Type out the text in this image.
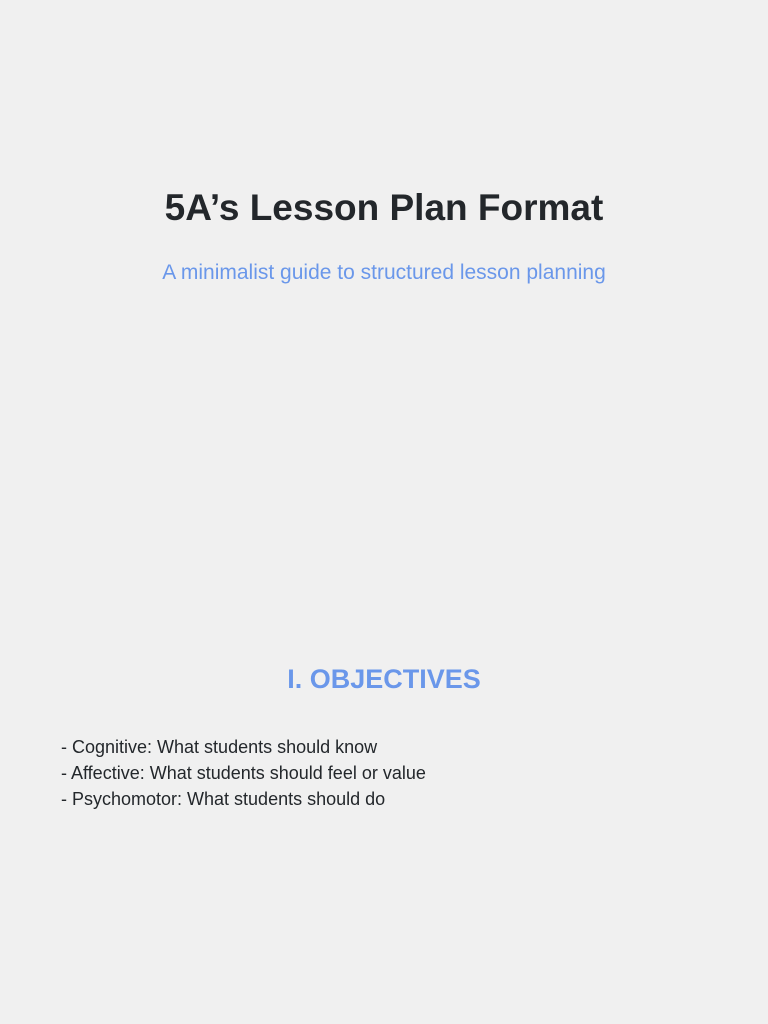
5A’s Lesson Plan Format

A minimalist guide to structured lesson planning

I. OBJECTIVES
- Cognitive: What students should know
- Affective: What students should feel or value
- Psychomotor: What students should do
